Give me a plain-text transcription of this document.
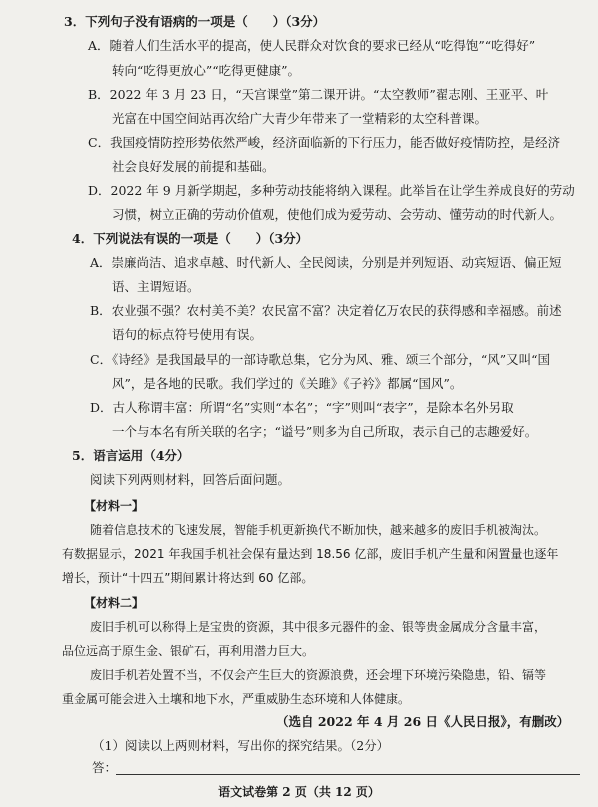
3．下列句子没有语病的一项是（　　）（3分）
A．随着人们生活水平的提高，使人民群众对饮食的要求已经从“吃得饱”“吃得好”
转向“吃得更放心”“吃得更健康”。
B．2022 年 3 月 23 日，“天宫课堂”第二课开讲。“太空教师”翟志刚、王亚平、叶
光富在中国空间站再次给广大青少年带来了一堂精彩的太空科普课。
C．我国疫情防控形势依然严峻，经济面临新的下行压力，能否做好疫情防控，是经济
社会良好发展的前提和基础。
D．2022 年 9 月新学期起，多种劳动技能将纳入课程。此举旨在让学生养成良好的劳动
习惯，树立正确的劳动价值观，使他们成为爱劳动、会劳动、懂劳动的时代新人。
4．下列说法有误的一项是（　　）（3分）
A．崇廉尚洁、追求卓越、时代新人、全民阅读，分别是并列短语、动宾短语、偏正短
语、主谓短语。
B．农业强不强？农村美不美？农民富不富？决定着亿万农民的获得感和幸福感。前述
语句的标点符号使用有误。
C．《诗经》是我国最早的一部诗歌总集，它分为风、雅、颂三个部分，“风”又叫“国
风”，是各地的民歌。我们学过的《关雎》《子衿》都属“国风”。
D．古人称谓丰富：所谓“名”实则“本名”；“字”则叫“表字”，是除本名外另取
一个与本名有所关联的名字；“谥号”则多为自己所取，表示自己的志趣爱好。
5．语言运用（4分）
阅读下列两则材料，回答后面问题。
【材料一】
随着信息技术的飞速发展，智能手机更新换代不断加快，越来越多的废旧手机被淘汰。
有数据显示，2021 年我国手机社会保有量达到 18.56 亿部，废旧手机产生量和闲置量也逐年
增长，预计“十四五”期间累计将达到 60 亿部。
【材料二】
废旧手机可以称得上是宝贵的资源，其中很多元器件的金、银等贵金属成分含量丰富，
品位远高于原生金、银矿石，再利用潜力巨大。
废旧手机若处置不当，不仅会产生巨大的资源浪费，还会埋下环境污染隐患，铅、镉等
重金属可能会进入土壤和地下水，严重威胁生态环境和人体健康。
（选自 2022 年 4 月 26 日《人民日报》，有删改）
（1）阅读以上两则材料，写出你的探究结果。（2分）
答：
语文试卷第 2 页（共 12 页）
